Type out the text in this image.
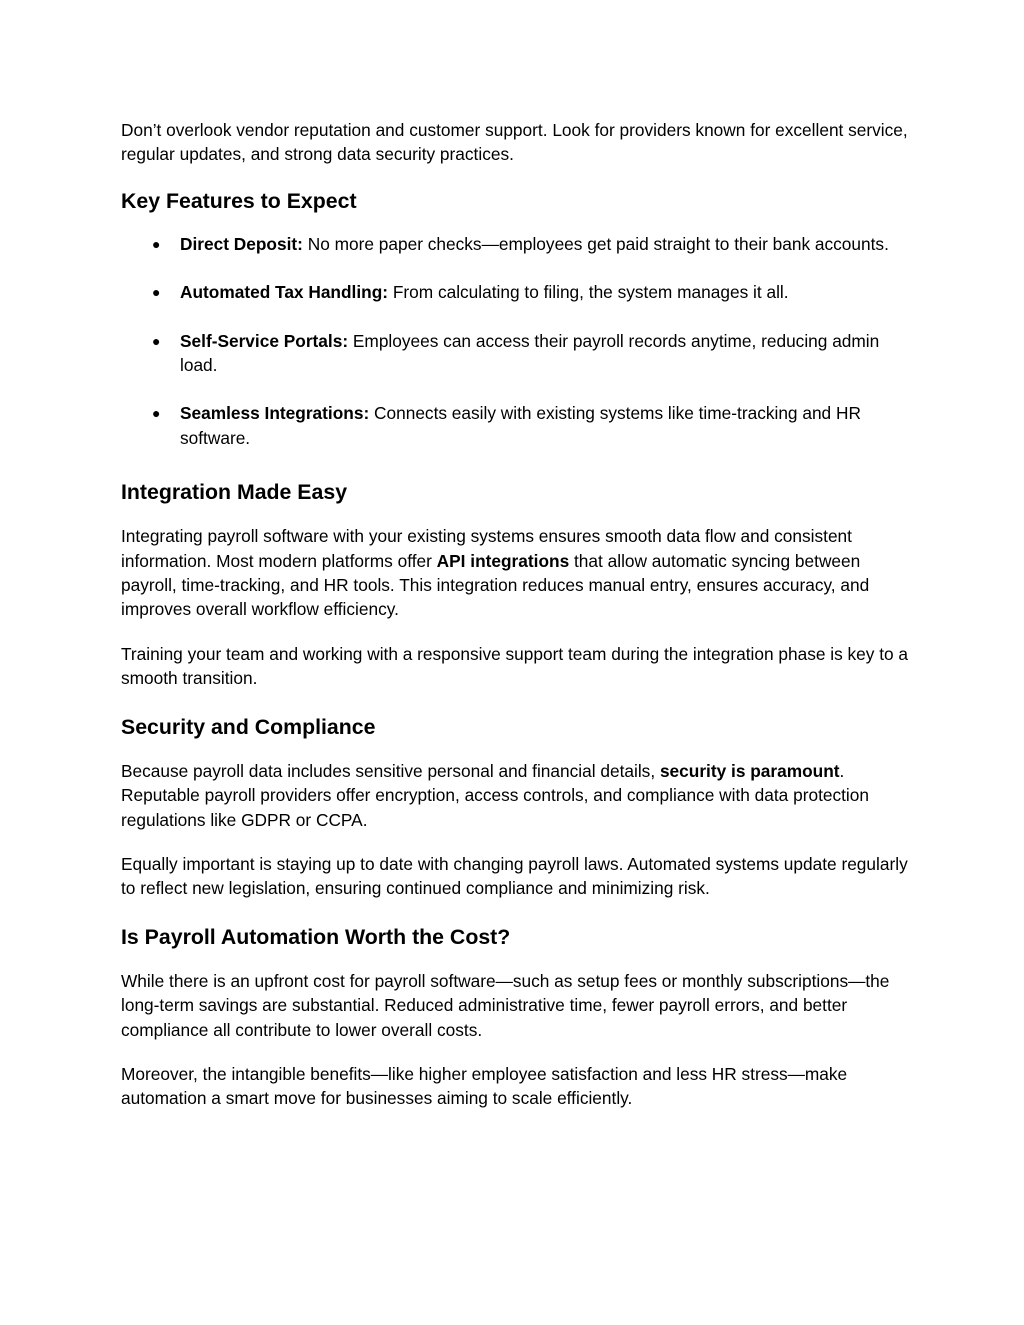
Don’t overlook vendor reputation and customer support. Look for providers known for excellent service, regular updates, and strong data security practices.

Key Features to Expect
● Direct Deposit: No more paper checks—employees get paid straight to their bank accounts.
● Automated Tax Handling: From calculating to filing, the system manages it all.
● Self-Service Portals: Employees can access their payroll records anytime, reducing admin load.
● Seamless Integrations: Connects easily with existing systems like time-tracking and HR software.
Integration Made Easy

Integrating payroll software with your existing systems ensures smooth data flow and consistent information. Most modern platforms offer API integrations that allow automatic syncing between payroll, time-tracking, and HR tools. This integration reduces manual entry, ensures accuracy, and improves overall workflow efficiency.

Training your team and working with a responsive support team during the integration phase is key to a smooth transition.

Security and Compliance

Because payroll data includes sensitive personal and financial details, security is paramount. Reputable payroll providers offer encryption, access controls, and compliance with data protection regulations like GDPR or CCPA.

Equally important is staying up to date with changing payroll laws. Automated systems update regularly to reflect new legislation, ensuring continued compliance and minimizing risk.

Is Payroll Automation Worth the Cost?

While there is an upfront cost for payroll software—such as setup fees or monthly subscriptions—the long-term savings are substantial. Reduced administrative time, fewer payroll errors, and better compliance all contribute to lower overall costs.

Moreover, the intangible benefits—like higher employee satisfaction and less HR stress—make automation a smart move for businesses aiming to scale efficiently.
